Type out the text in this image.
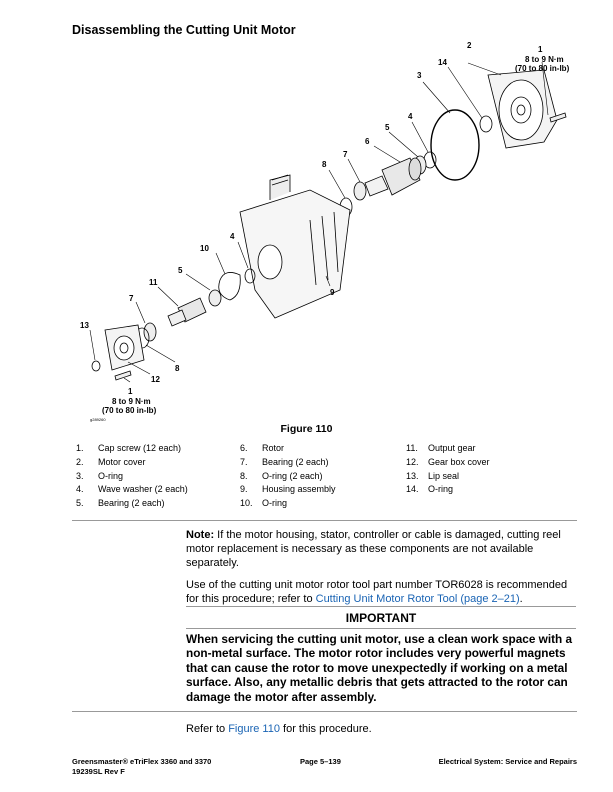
Disassembling the Cutting Unit Motor
1
8 to 9 N·m
(70 to 80 in-lb)
2
14
3
4
5
6
7
8
9
10
4
5
11
7
13
8
12
1
8 to 9 N·m
(70 to 80 in-lb)
g289260
Figure 110
1.	Cap screw (12 each)
2.	Motor cover
3.	O-ring
4.	Wave washer (2 each)
5.	Bearing (2 each)
6.	Rotor
7.	Bearing (2 each)
8.	O-ring (2 each)
9.	Housing assembly
10.	O-ring
11.	Output gear
12.	Gear box cover
13.	Lip seal
14.	O-ring

Note: If the motor housing, stator, controller or cable is damaged, cutting reel motor replacement is necessary as these components are not available separately.

Use of the cutting unit motor rotor tool part number TOR6028 is recommended for this procedure; refer to Cutting Unit Motor Rotor Tool (page 2–21).

IMPORTANT
When servicing the cutting unit motor, use a clean work space with a non-metal surface. The motor rotor includes very powerful magnets that can cause the rotor to move unexpectedly if working on a metal surface. Also, any metallic debris that gets attracted to the rotor can damage the motor after assembly.
Refer to Figure 110 for this procedure.
Greensmaster® eTriFlex 3360 and 3370
19239SL Rev F
Page 5–139	Electrical System: Service and Repairs
